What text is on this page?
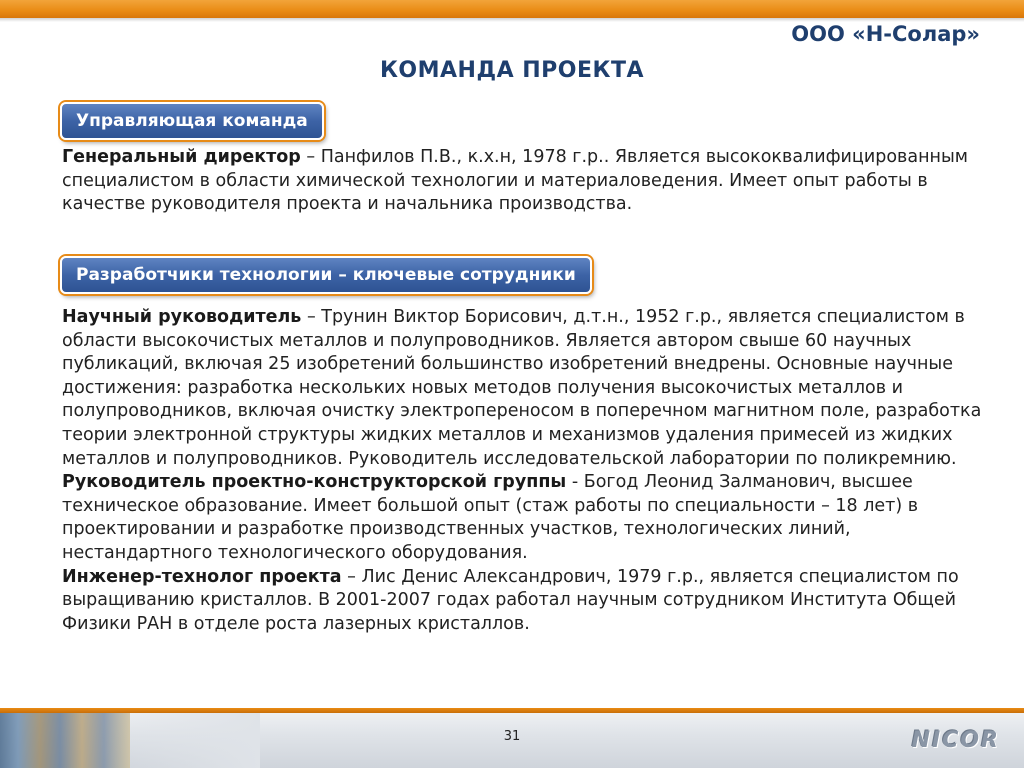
ООО «Н-Солар»
КОМАНДА ПРОЕКТА
Управляющая команда
Генеральный директор – Панфилов П.В., к.х.н, 1978 г.р.. Является высококвалифицированным специалистом в области химической технологии и материаловедения. Имеет опыт работы в качестве руководителя проекта и начальника производства.
Разработчики технологии – ключевые сотрудники
Научный руководитель – Трунин Виктор Борисович, д.т.н., 1952 г.р., является специалистом в области высокочистых металлов и полупроводников. Является автором свыше 60 научных публикаций, включая 25 изобретений большинство изобретений внедрены. Основные научные достижения: разработка нескольких новых методов получения высокочистых металлов и полупроводников, включая очистку электропереносом в поперечном магнитном поле, разработка теории электронной структуры жидких металлов и механизмов удаления примесей из жидких металлов и полупроводников. Руководитель исследовательской лаборатории по поликремнию.
Руководитель проектно-конструкторской группы - Богод Леонид Залманович, высшее техническое образование. Имеет большой опыт (стаж работы по специальности – 18 лет) в проектировании и разработке производственных участков, технологических линий, нестандартного технологического оборудования.
Инженер-технолог проекта – Лис Денис Александрович, 1979 г.р., является специалистом по выращиванию кристаллов. В 2001-2007 годах работал научным сотрудником Института Общей Физики РАН в отделе роста лазерных кристаллов.
31	NICOR
